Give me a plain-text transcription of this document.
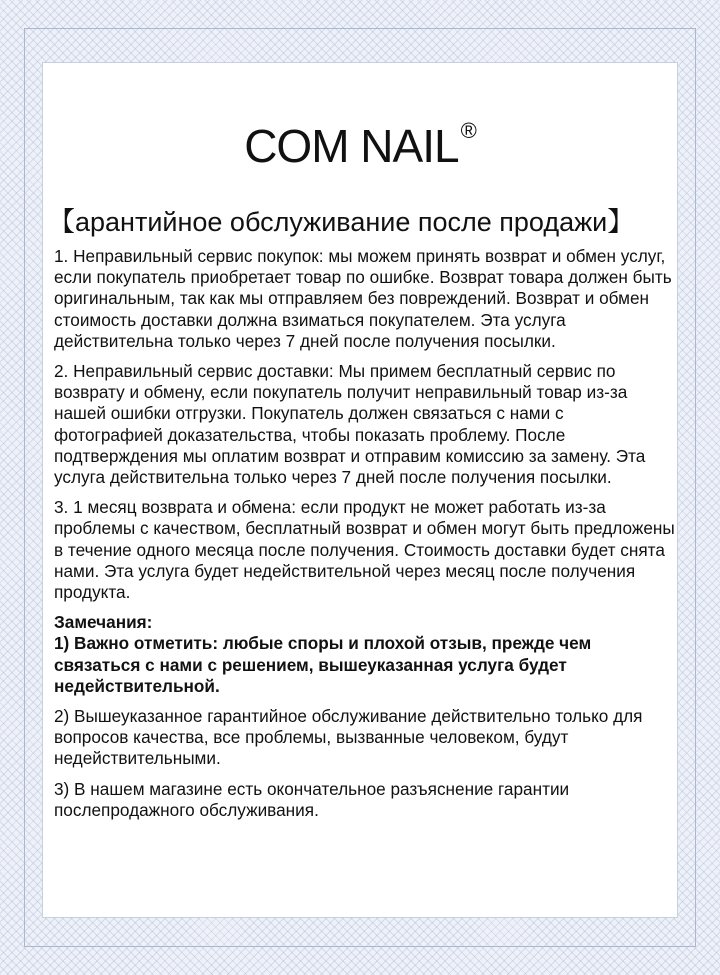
COM NAIL®
【арантийное обслуживание после продажи】

1. Неправильный сервис покупок: мы можем принять возврат и обмен услуг, если покупатель приобретает товар по ошибке. Возврат товара должен быть оригинальным, так как мы отправляем без повреждений. Возврат и обмен стоимость доставки должна взиматься покупателем. Эта услуга действительна только через 7 дней после получения посылки.

2. Неправильный сервис доставки: Мы примем бесплатный сервис по возврату и обмену, если покупатель получит неправильный товар из-за нашей ошибки отгрузки. Покупатель должен связаться с нами с фотографией доказательства, чтобы показать проблему. После подтверждения мы оплатим возврат и отправим комиссию за замену. Эта услуга действительна только через 7 дней после получения посылки.

3. 1 месяц возврата и обмена: если продукт не может работать из-за проблемы с качеством, бесплатный возврат и обмен могут быть предложены в течение одного месяца после получения. Стоимость доставки будет снята нами. Эта услуга будет недействительной через месяц после получения продукта.

Замечания:

1) Важно отметить: любые споры и плохой отзыв, прежде чем связаться с нами с решением, вышеуказанная услуга будет недействительной.

2) Вышеуказанное гарантийное обслуживание действительно только для вопросов качества, все проблемы, вызванные человеком, будут недействительными.

3) В нашем магазине есть окончательное разъяснение гарантии послепродажного обслуживания.
